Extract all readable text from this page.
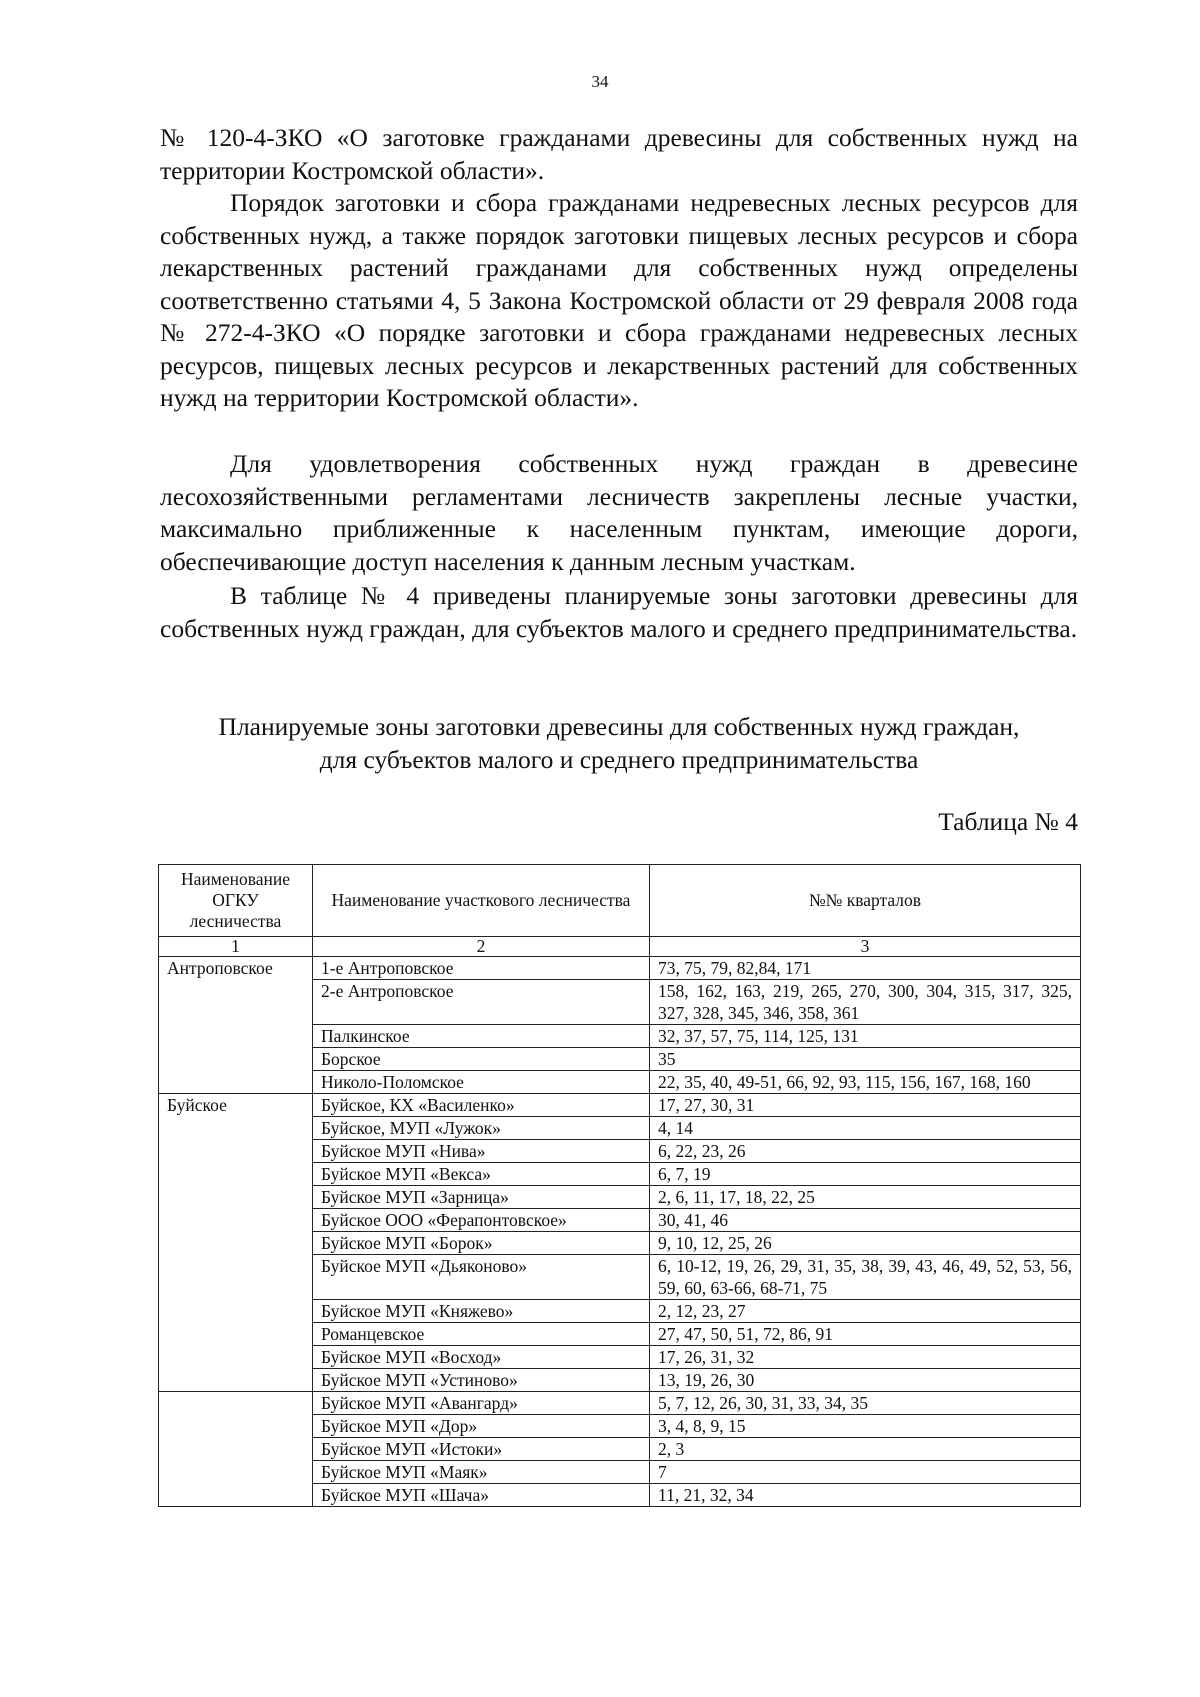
34

№ 120-4-ЗКО «О заготовке гражданами древесины для собственных нужд на территории Костромской области».

Порядок заготовки и сбора гражданами недревесных лесных ресурсов для собственных нужд, а также порядок заготовки пищевых лесных ресурсов и сбора лекарственных растений гражданами для собственных нужд определены соответственно статьями 4, 5 Закона Костромской области от 29 февраля 2008 года № 272-4-ЗКО «О порядке заготовки и сбора гражданами недревесных лесных ресурсов, пищевых лесных ресурсов и лекарственных растений для собственных нужд на территории Костромской области».

Для удовлетворения собственных нужд граждан в древесине лесохозяйственными регламентами лесничеств закреплены лесные участки, максимально приближенные к населенным пунктам, имеющие дороги, обеспечивающие доступ населения к данным лесным участкам.

В таблице № 4 приведены планируемые зоны заготовки древесины для собственных нужд граждан, для субъектов малого и среднего предпринимательства.

Планируемые зоны заготовки древесины для собственных нужд граждан,
для субъектов малого и среднего предпринимательства
Таблица № 4
Наименование ОГКУ лесничества	Наименование участкового лесничества	№№ кварталов
1	2	3
Антроповское	1-е Антроповское	73, 75, 79, 82,84, 171
	2-е Антроповское	158, 162, 163, 219, 265, 270, 300, 304, 315, 317, 325, 327, 328, 345, 346, 358, 361
	Палкинское	32, 37, 57, 75, 114, 125, 131
	Борское	35
	Николо-Поломское	22, 35, 40, 49-51, 66, 92, 93, 115, 156, 167, 168, 160
Буйское	Буйское, КХ «Василенко»	17, 27, 30, 31
	Буйское, МУП «Лужок»	4, 14
	Буйское МУП «Нива»	6, 22, 23, 26
	Буйское МУП «Векса»	6, 7, 19
	Буйское МУП «Зарница»	2, 6, 11, 17, 18, 22, 25
	Буйское ООО «Ферапонтовское»	30, 41, 46
	Буйское МУП «Борок»	9, 10, 12, 25, 26
	Буйское МУП «Дьяконово»	6, 10-12, 19, 26, 29, 31, 35, 38, 39, 43, 46, 49, 52, 53, 56, 59, 60, 63-66, 68-71, 75
	Буйское МУП «Княжево»	2, 12, 23, 27
	Романцевское	27, 47, 50, 51, 72, 86, 91
	Буйское МУП «Восход»	17, 26, 31, 32
	Буйское МУП «Устиново»	13, 19, 26, 30
	Буйское МУП «Авангард»	5, 7, 12, 26, 30, 31, 33, 34, 35
	Буйское МУП «Дор»	3, 4, 8, 9, 15
	Буйское МУП «Истоки»	2, 3
	Буйское МУП «Маяк»	7
	Буйское МУП «Шача»	11, 21, 32, 34
